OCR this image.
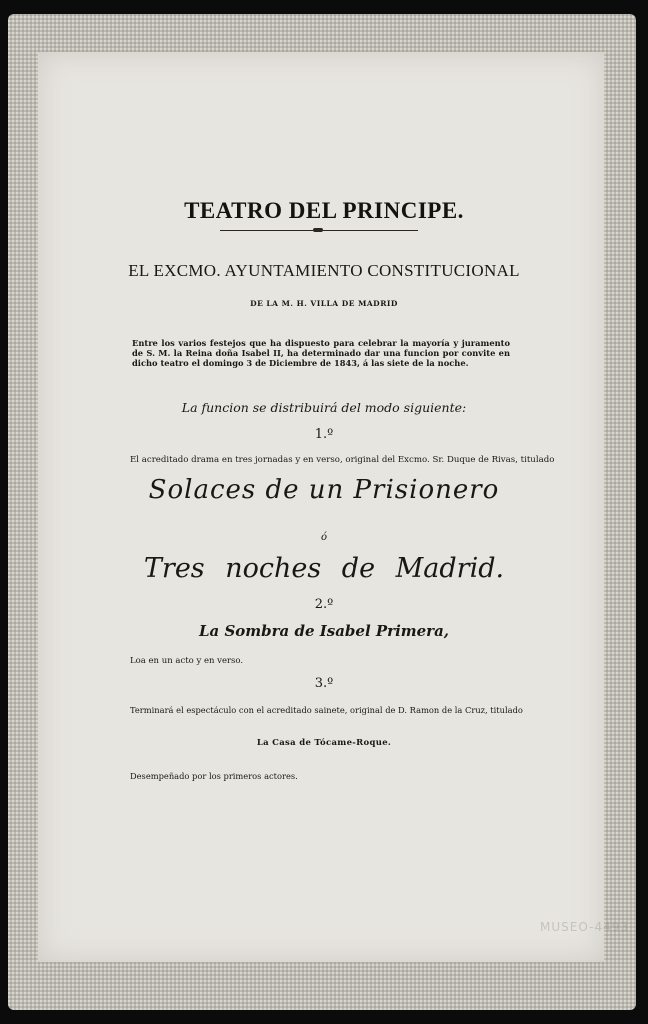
TEATRO DEL PRINCIPE.
EL EXCMO. AYUNTAMIENTO CONSTITUCIONAL
DE LA M. H. VILLA DE MADRID
Entre los varios festejos que ha dispuesto para celebrar la mayoría y juramento de S. M. la Reina doña Isabel II, ha determinado dar una funcion por convite en dicho teatro el domingo 3 de Diciembre de 1843, á las siete de la noche.
La funcion se distribuirá del modo siguiente:
1.º
El acreditado drama en tres jornadas y en verso, original del Excmo. Sr. Duque de Rivas, titulado
Solaces de un Prisionero
ó
Tres noches de Madrid.
2.º
La Sombra de Isabel Primera,
Loa en un acto y en verso.
3.º
Terminará el espectáculo con el acreditado sainete, original de D. Ramon de la Cruz, titulado
La Casa de Tócame-Roque.
Desempeñado por los primeros actores.
MUSEO-4493
